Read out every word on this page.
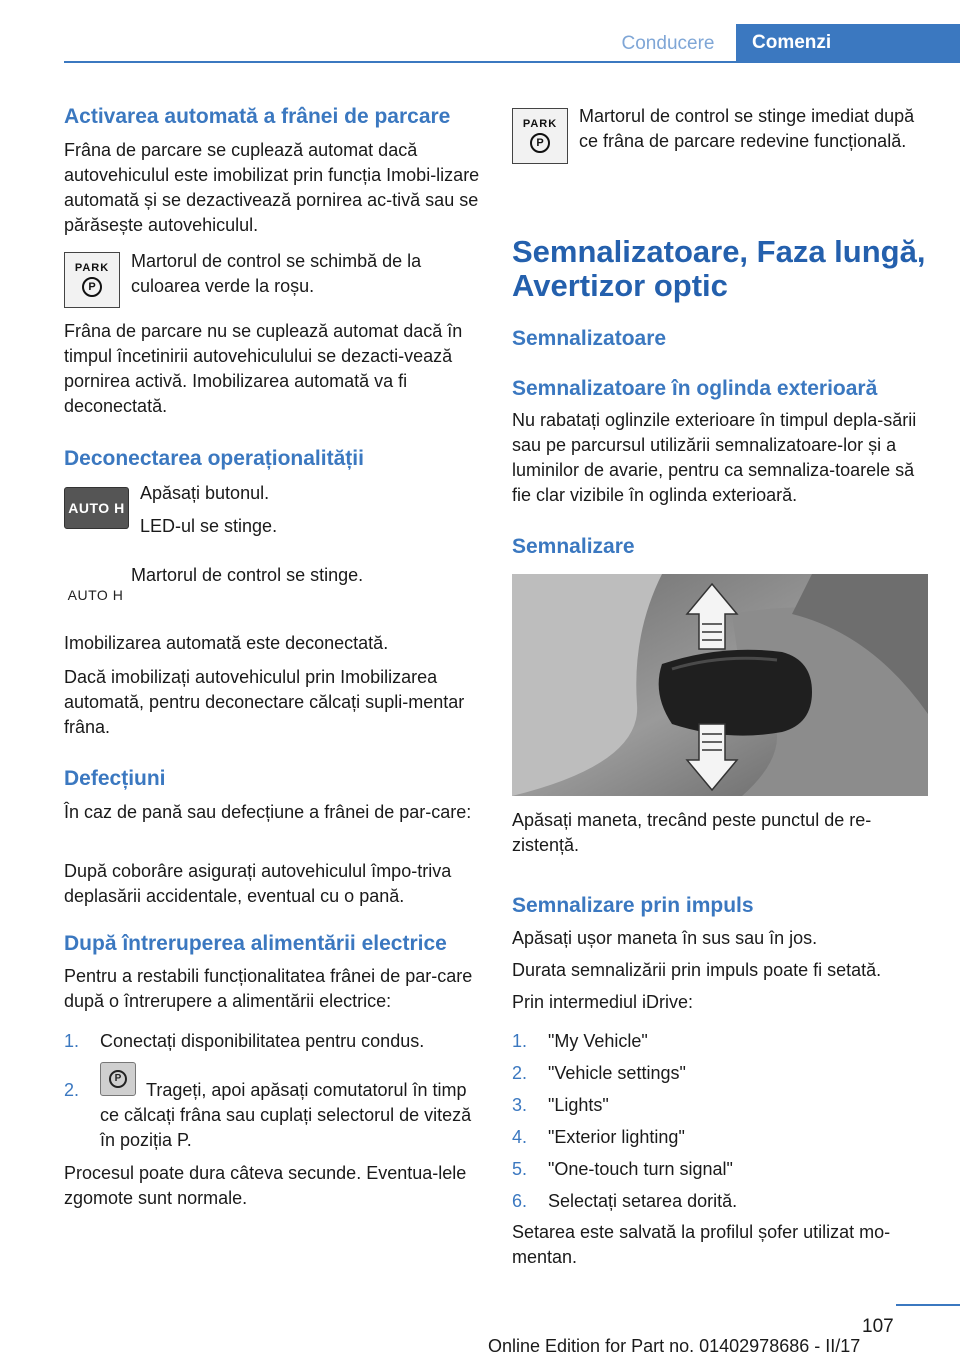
Conducere	Comenzi
Activarea automată a frânei de parcare

Frâna de parcare se cuplează automat dacă autovehiculul este imobilizat prin funcția Imobi-lizare automată și se dezactivează pornirea ac-tivă sau se părăsește autovehiculul.

PARK
P

Martorul de control se schimbă de la culoarea verde la roșu.

Frâna de parcare nu se cuplează automat dacă în timpul încetinirii autovehiculului se dezacti-vează pornirea activă. Imobilizarea automată va fi deconectată.

Deconectarea operaționalității
AUTO H

Apăsați butonul.

LED-ul se stinge.

AUTO H

Martorul de control se stinge.

Imobilizarea automată este deconectată.

Dacă imobilizați autovehiculul prin Imobilizarea automată, pentru deconectare călcați supli-mentar frâna.

Defecțiuni

În caz de pană sau defecțiune a frânei de par-care:

După coborâre asigurați autovehiculul împo-triva deplasării accidentale, eventual cu o pană.

După întreruperea alimentării electrice

Pentru a restabili funcționalitatea frânei de par-care după o întrerupere a alimentării electrice:

1. Conectați disponibilitatea pentru condus.
2.
P
Trageți, apoi apăsați comutatorul în timp ce călcați frâna sau cuplați selectorul de viteză în poziția P.

Procesul poate dura câteva secunde. Eventua-lele zgomote sunt normale.

PARK
P

Martorul de control se stinge imediat după ce frâna de parcare redevine funcțională.

Semnalizatoare, Faza lungă, Avertizor optic
Semnalizatoare
Semnalizatoare în oglinda exterioară

Nu rabatați oglinzile exterioare în timpul depla-sării sau pe parcursul utilizării semnalizatoare-lor și a luminilor de avarie, pentru ca semnaliza-toarele să fie clar vizibile în oglinda exterioară.

Semnalizare

Apăsați maneta, trecând peste punctul de re-zistență.

Semnalizare prin impuls

Apăsați ușor maneta în sus sau în jos.

Durata semnalizării prin impuls poate fi setată.

Prin intermediul iDrive:

1. "My Vehicle"
2. "Vehicle settings"
3. "Lights"
4. "Exterior lighting"
5. "One-touch turn signal"
6. Selectați setarea dorită.

Setarea este salvată la profilul șofer utilizat mo-mentan.

107
Online Edition for Part no. 01402978686 - II/17
